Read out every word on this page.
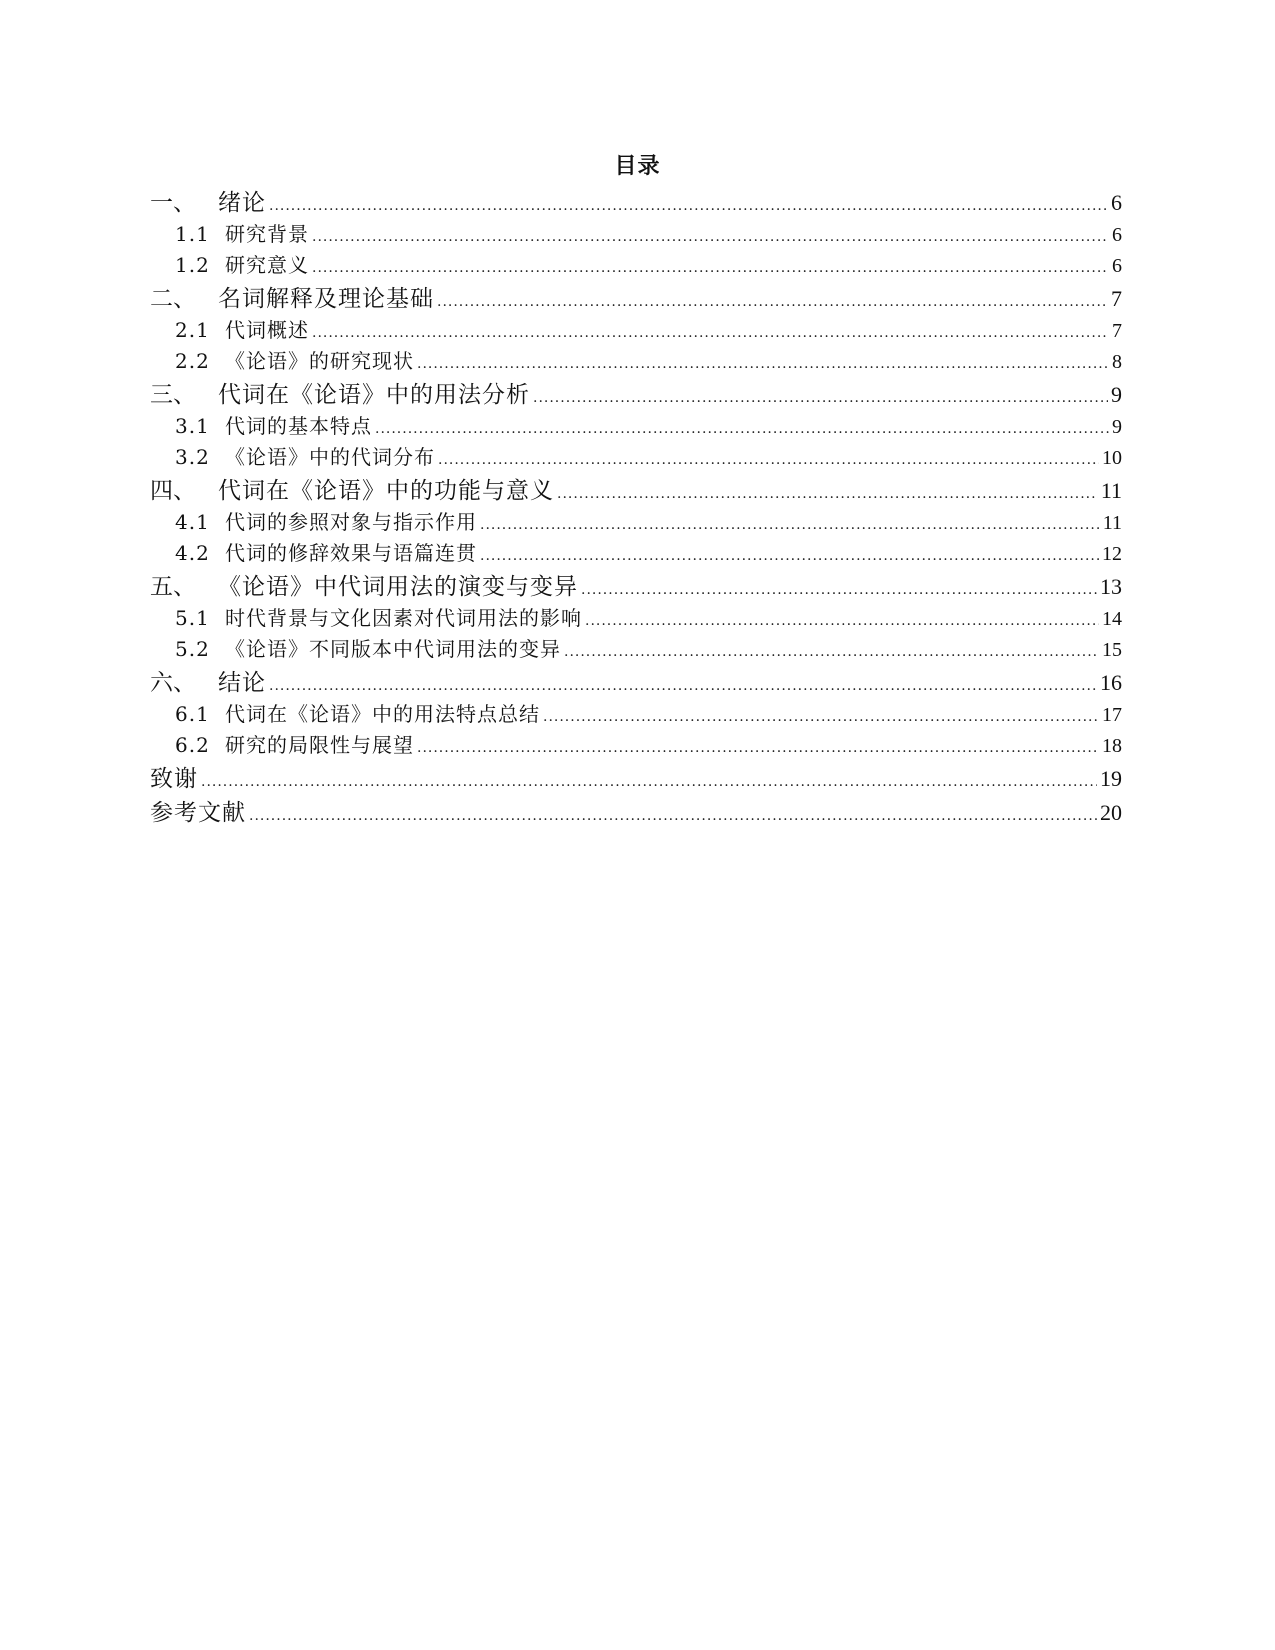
目录
一、 绪论 .....	6
1.1 研究背景 .....	6
1.2 研究意义 .....	6
二、 名词解释及理论基础 .....	7
2.1 代词概述 .....	7
2.2 《论语》的研究现状 .....	8
三、 代词在《论语》中的用法分析 .....	9
3.1 代词的基本特点 .....	9
3.2 《论语》中的代词分布 .....	10
四、 代词在《论语》中的功能与意义 .....	11
4.1 代词的参照对象与指示作用 .....	11
4.2 代词的修辞效果与语篇连贯 .....	12
五、 《论语》中代词用法的演变与变异 .....	13
5.1 时代背景与文化因素对代词用法的影响 .....	14
5.2 《论语》不同版本中代词用法的变异 .....	15
六、 结论 .....	16
6.1 代词在《论语》中的用法特点总结 .....	17
6.2 研究的局限性与展望 .....	18
致谢 .....	19
参考文献 .....	20
